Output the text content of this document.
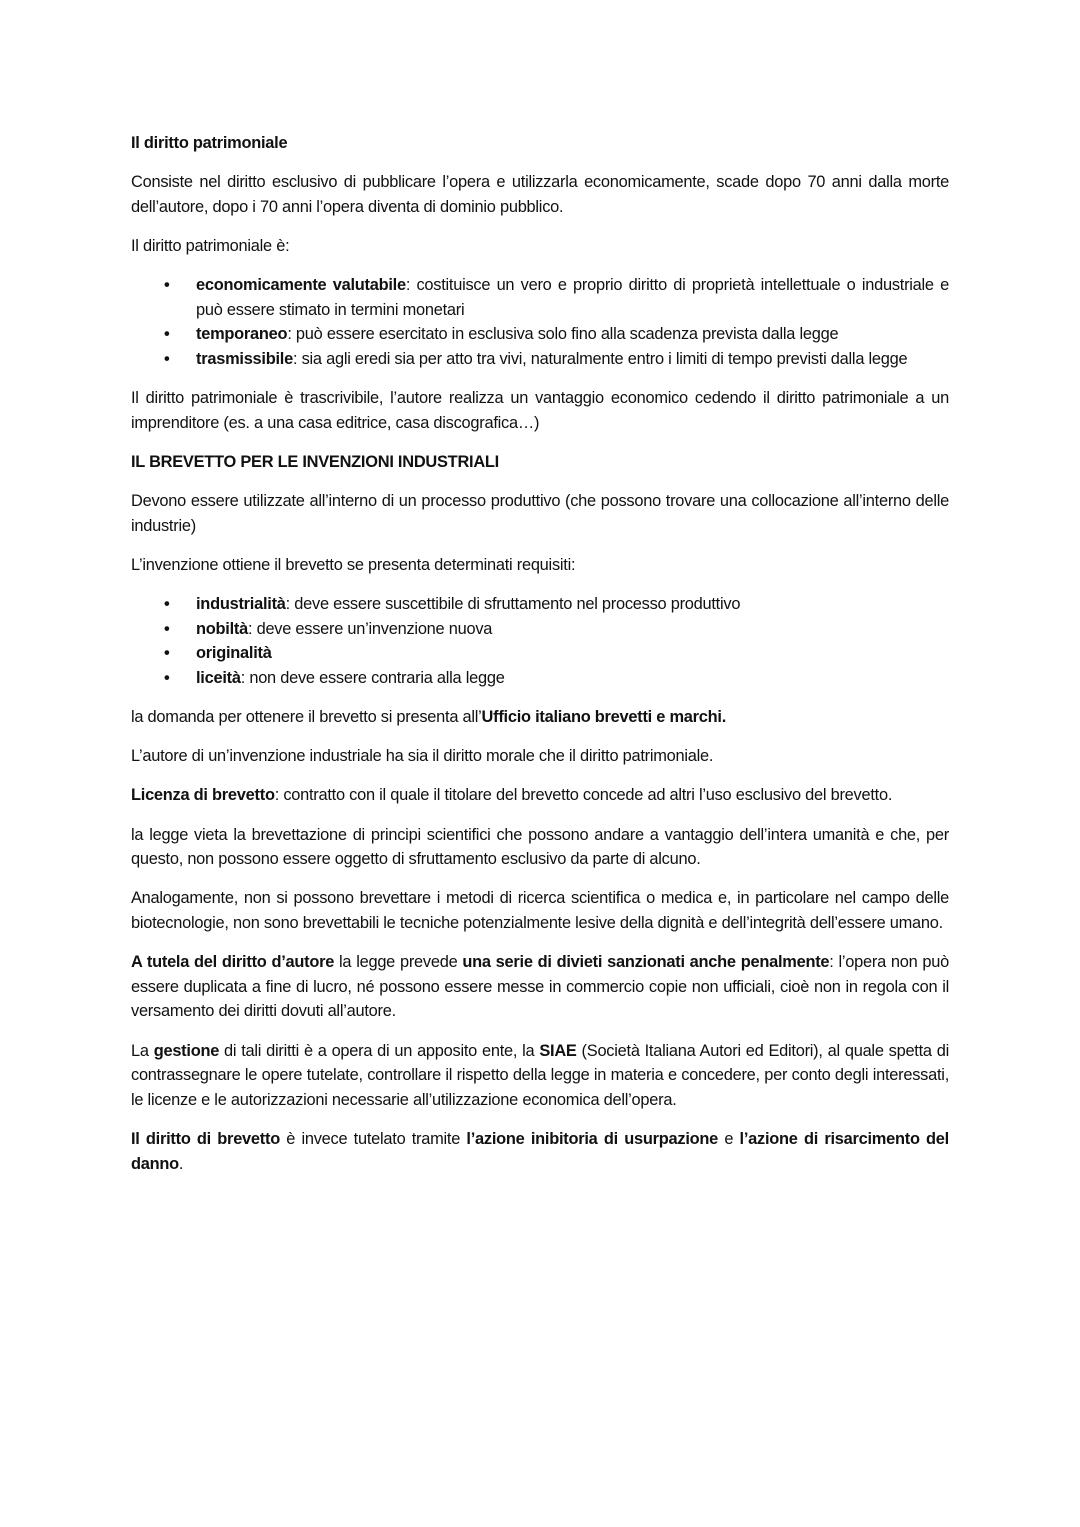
Il diritto patrimoniale

Consiste nel diritto esclusivo di pubblicare l’opera e utilizzarla economicamente, scade dopo 70 anni dalla morte dell’autore, dopo i 70 anni l’opera diventa di dominio pubblico.

Il diritto patrimoniale è:

• economicamente valutabile: costituisce un vero e proprio diritto di proprietà intellettuale o industriale e può essere stimato in termini monetari
• temporaneo: può essere esercitato in esclusiva solo fino alla scadenza prevista dalla legge
• trasmissibile: sia agli eredi sia per atto tra vivi, naturalmente entro i limiti di tempo previsti dalla legge

Il diritto patrimoniale è trascrivibile, l’autore realizza un vantaggio economico cedendo il diritto patrimoniale a un imprenditore (es. a una casa editrice, casa discografica…)

IL BREVETTO PER LE INVENZIONI INDUSTRIALI

Devono essere utilizzate all’interno di un processo produttivo (che possono trovare una collocazione all’interno delle industrie)

L’invenzione ottiene il brevetto se presenta determinati requisiti:

• industrialità: deve essere suscettibile di sfruttamento nel processo produttivo
• nobiltà: deve essere un’invenzione nuova
• originalità
• liceità: non deve essere contraria alla legge

la domanda per ottenere il brevetto si presenta all’Ufficio italiano brevetti e marchi.

L’autore di un’invenzione industriale ha sia il diritto morale che il diritto patrimoniale.

Licenza di brevetto: contratto con il quale il titolare del brevetto concede ad altri l’uso esclusivo del brevetto.

la legge vieta la brevettazione di principi scientifici che possono andare a vantaggio dell’intera umanità e che, per questo, non possono essere oggetto di sfruttamento esclusivo da parte di alcuno.

Analogamente, non si possono brevettare i metodi di ricerca scientifica o medica e, in particolare nel campo delle biotecnologie, non sono brevettabili le tecniche potenzialmente lesive della dignità e dell’integrità dell’essere umano.

A tutela del diritto d’autore la legge prevede una serie di divieti sanzionati anche penalmente: l’opera non può essere duplicata a fine di lucro, né possono essere messe in commercio copie non ufficiali, cioè non in regola con il versamento dei diritti dovuti all’autore.

La gestione di tali diritti è a opera di un apposito ente, la SIAE (Società Italiana Autori ed Editori), al quale spetta di contrassegnare le opere tutelate, controllare il rispetto della legge in materia e concedere, per conto degli interessati, le licenze e le autorizzazioni necessarie all’utilizzazione economica dell’opera.

Il diritto di brevetto è invece tutelato tramite l’azione inibitoria di usurpazione e l’azione di risarcimento del danno.
